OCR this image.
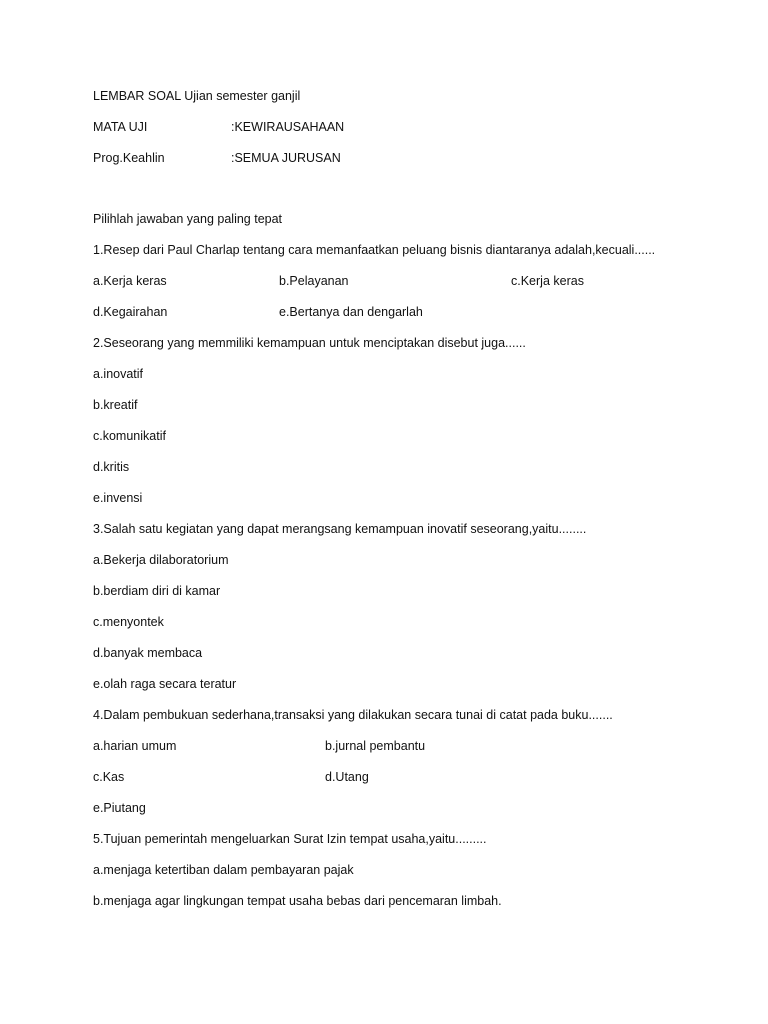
LEMBAR SOAL Ujian semester ganjil
MATA UJI	:KEWIRAUSAHAAN
Prog.Keahlin	:SEMUA JURUSAN
Pilihlah jawaban yang paling tepat
1.Resep dari Paul Charlap tentang cara memanfaatkan peluang bisnis diantaranya adalah,kecuali......
a.Kerja keras	b.Pelayanan	c.Kerja keras
d.Kegairahan	e.Bertanya dan dengarlah
2.Seseorang yang memmiliki kemampuan untuk menciptakan disebut juga......
a.inovatif
b.kreatif
c.komunikatif
d.kritis
e.invensi
3.Salah satu kegiatan yang dapat merangsang kemampuan inovatif seseorang,yaitu........
a.Bekerja dilaboratorium
b.berdiam diri di kamar
c.menyontek
d.banyak membaca
e.olah raga secara teratur
4.Dalam pembukuan sederhana,transaksi yang dilakukan secara tunai di catat pada buku.......
a.harian umum	b.jurnal pembantu
c.Kas	d.Utang
e.Piutang
5.Tujuan pemerintah mengeluarkan Surat Izin tempat usaha,yaitu.........
a.menjaga ketertiban dalam pembayaran pajak
b.menjaga agar lingkungan tempat usaha bebas dari pencemaran limbah.
